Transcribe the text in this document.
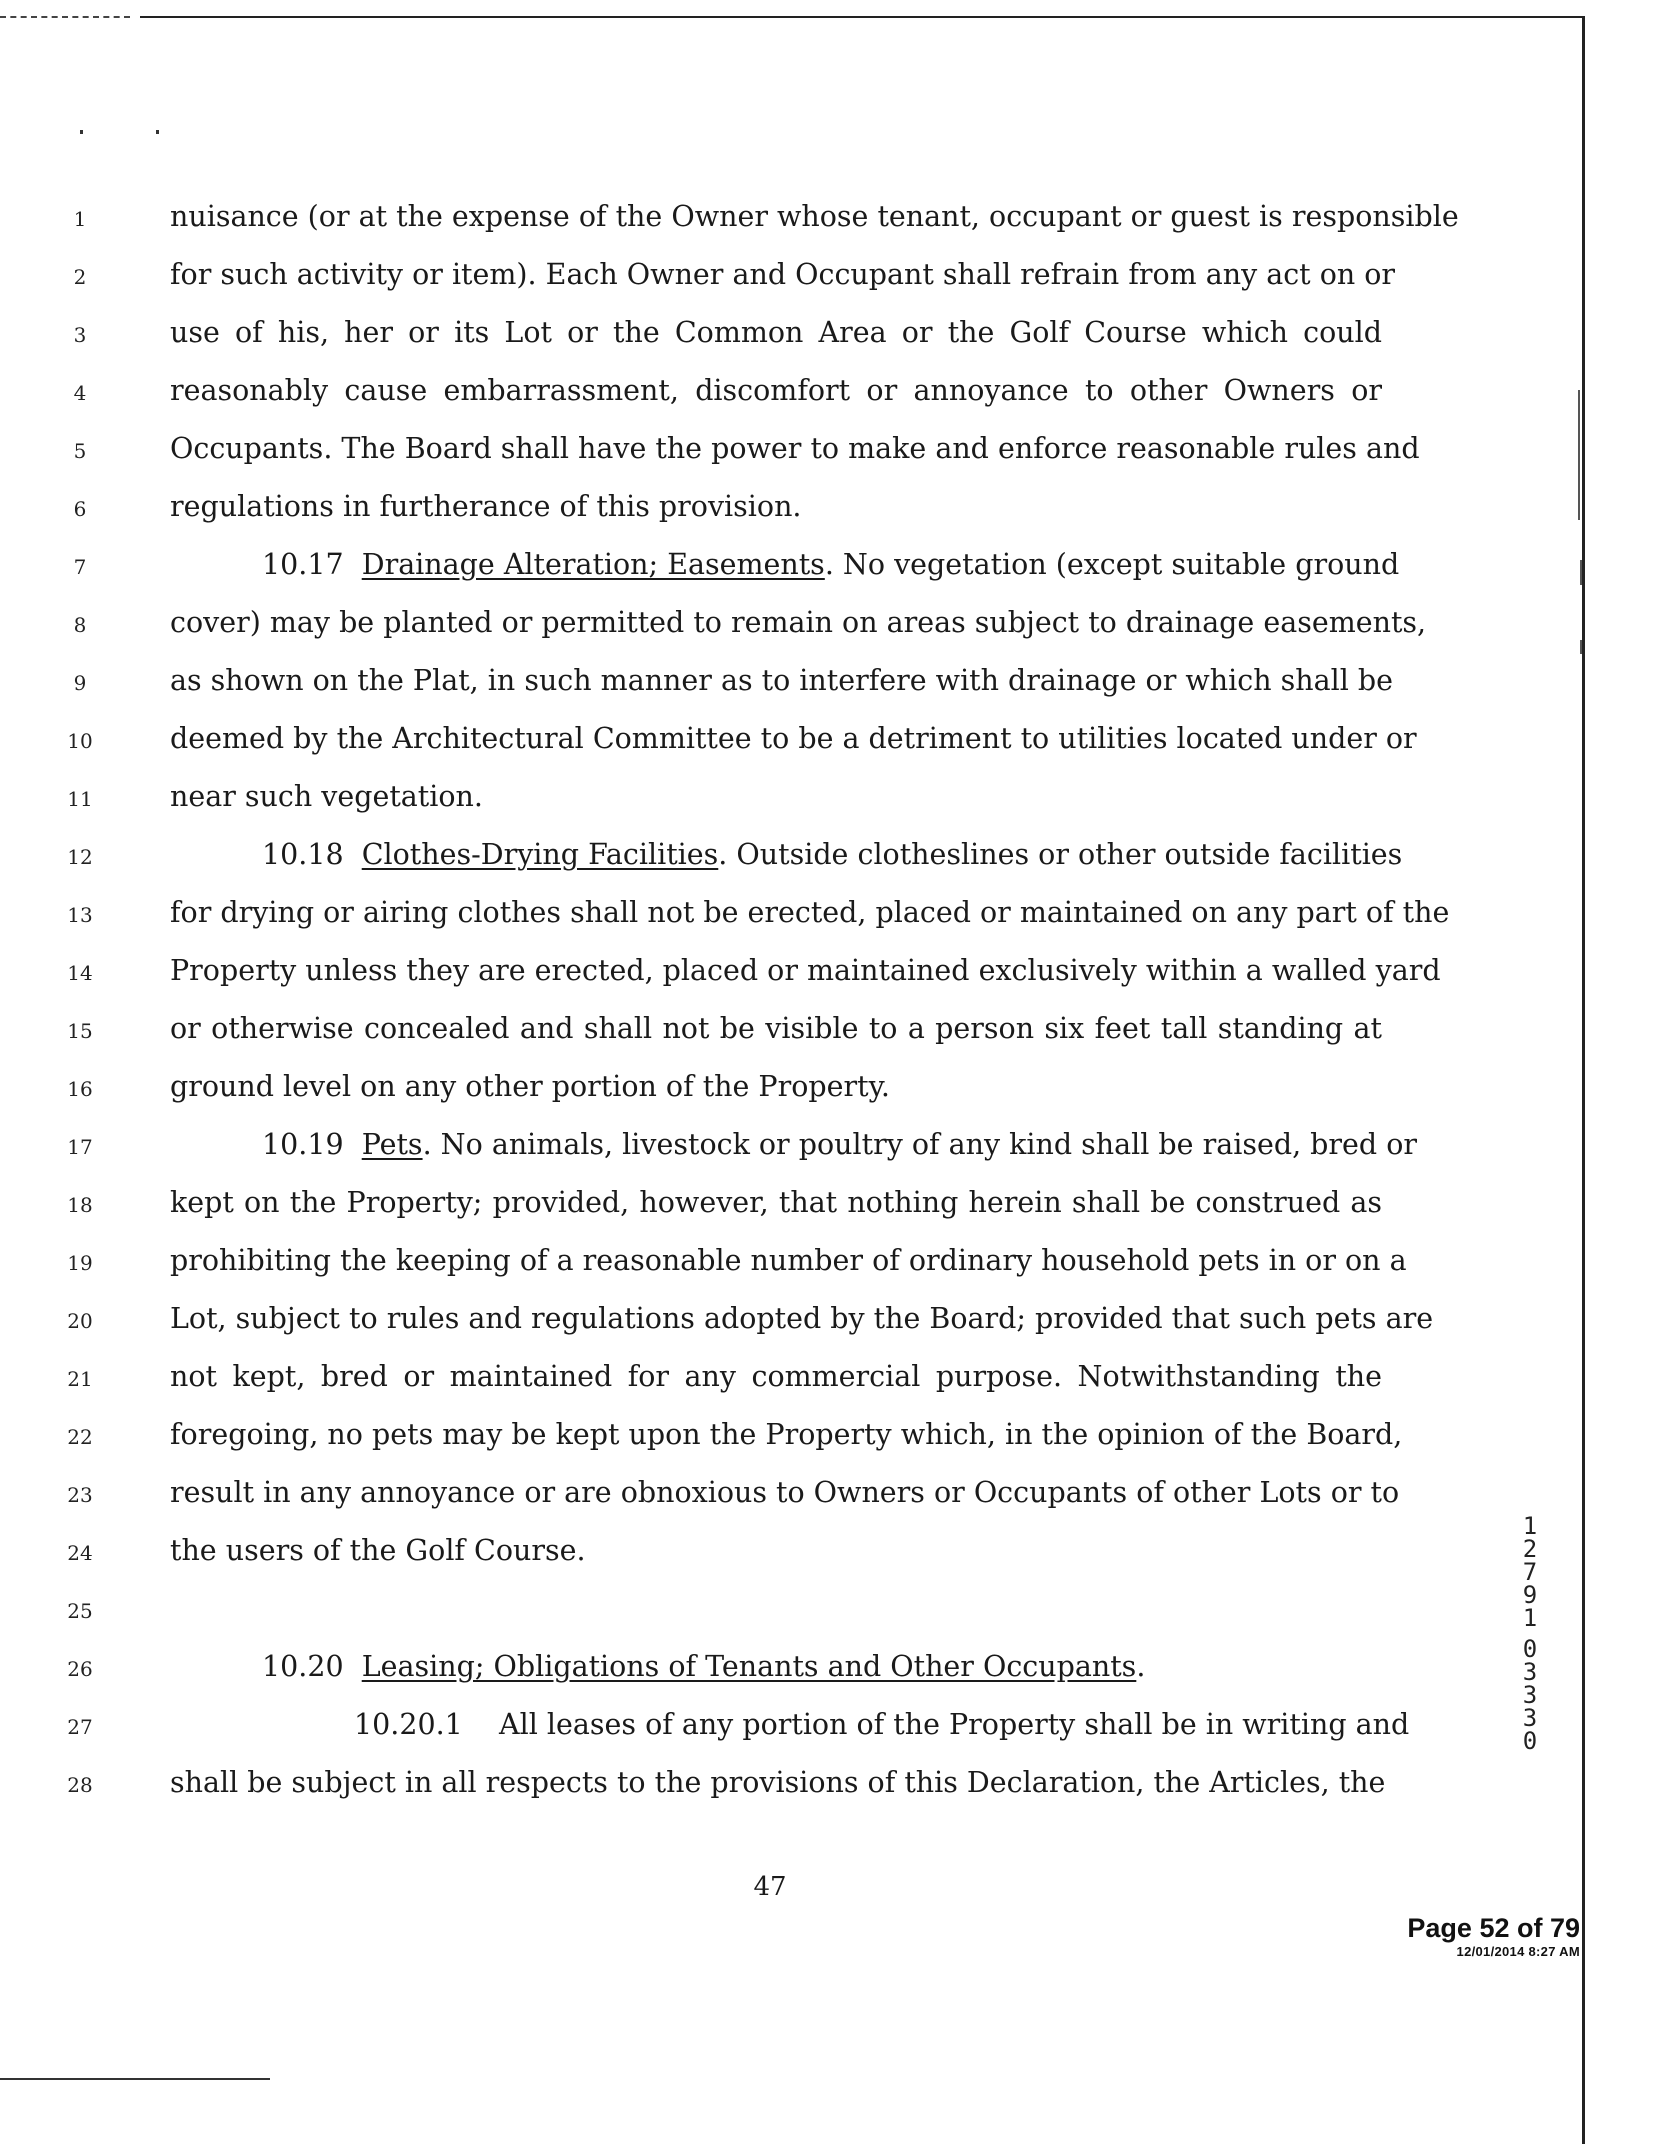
1	nuisance (or at the expense of the Owner whose tenant, occupant or guest is responsible
2	for such activity or item). Each Owner and Occupant shall refrain from any act on or
3	use of his, her or its Lot or the Common Area or the Golf Course which could
4	reasonably cause embarrassment, discomfort or annoyance to other Owners or
5	Occupants. The Board shall have the power to make and enforce reasonable rules and
6	regulations in furtherance of this provision.
7	10.17 Drainage Alteration; Easements. No vegetation (except suitable ground
8	cover) may be planted or permitted to remain on areas subject to drainage easements,
9	as shown on the Plat, in such manner as to interfere with drainage or which shall be
10	deemed by the Architectural Committee to be a detriment to utilities located under or
11	near such vegetation.
12	10.18 Clothes-Drying Facilities. Outside clotheslines or other outside facilities
13	for drying or airing clothes shall not be erected, placed or maintained on any part of the
14	Property unless they are erected, placed or maintained exclusively within a walled yard
15	or otherwise concealed and shall not be visible to a person six feet tall standing at
16	ground level on any other portion of the Property.
17	10.19 Pets. No animals, livestock or poultry of any kind shall be raised, bred or
18	kept on the Property; provided, however, that nothing herein shall be construed as
19	prohibiting the keeping of a reasonable number of ordinary household pets in or on a
20	Lot, subject to rules and regulations adopted by the Board; provided that such pets are
21	not kept, bred or maintained for any commercial purpose. Notwithstanding the
22	foregoing, no pets may be kept upon the Property which, in the opinion of the Board,
23	result in any annoyance or are obnoxious to Owners or Occupants of other Lots or to
24	the users of the Golf Course.
25
26	10.20 Leasing; Obligations of Tenants and Other Occupants.
27	10.20.1 All leases of any portion of the Property shall be in writing and
28	shall be subject in all respects to the provisions of this Declaration, the Articles, the
1
2
7
9
1
0
3
3
3
0
47
Page 52 of 79
12/01/2014 8:27 AM
